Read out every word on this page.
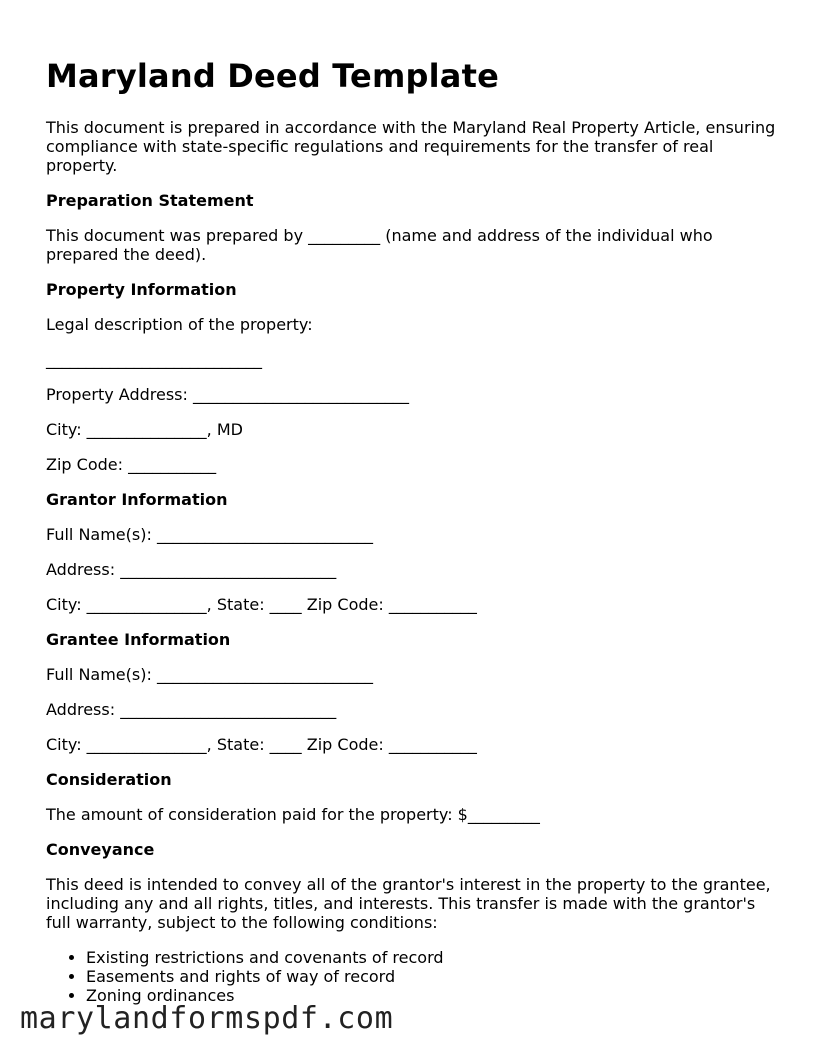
Maryland Deed Template

This document is prepared in accordance with the Maryland Real Property Article, ensuring compliance with state-specific regulations and requirements for the transfer of real property.

Preparation Statement

This document was prepared by _________ (name and address of the individual who prepared the deed).

Property Information
Legal description of the property:
___________________________
Property Address: ___________________________
City: _______________, MD
Zip Code: ___________
Grantor Information
Full Name(s): ___________________________
Address: ___________________________
City: _______________, State: ____ Zip Code: ___________
Grantee Information
Full Name(s): ___________________________
Address: ___________________________
City: _______________, State: ____ Zip Code: ___________
Consideration
The amount of consideration paid for the property: $_________
Conveyance

This deed is intended to convey all of the grantor's interest in the property to the grantee, including any and all rights, titles, and interests. This transfer is made with the grantor's full warranty, subject to the following conditions:

• Existing restrictions and covenants of record
• Easements and rights of way of record
• Zoning ordinances
marylandformspdf.com
